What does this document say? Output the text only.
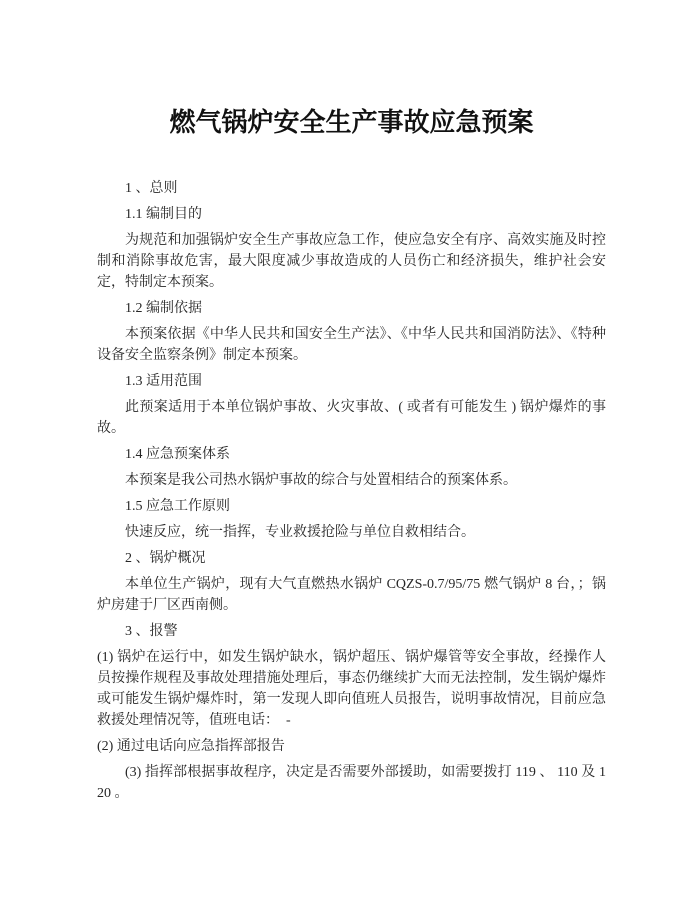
燃气锅炉安全生产事故应急预案

1 、总则

1.1 编制目的

为规范和加强锅炉安全生产事故应急工作，使应急安全有序、高效实施及时控制和消除事故危害，最大限度减少事故造成的人员伤亡和经济损失，维护社会安定，特制定本预案。

1.2 编制依据

本预案依据《中华人民共和国安全生产法》、《中华人民共和国消防法》、《特种设备安全监察条例》制定本预案。

1.3 适用范围

此预案适用于本单位锅炉事故、火灾事故、( 或者有可能发生 ) 锅炉爆炸的事故。

1.4 应急预案体系

本预案是我公司热水锅炉事故的综合与处置相结合的预案体系。

1.5 应急工作原则

快速反应，统一指挥，专业救援抢险与单位自救相结合。

2 、锅炉概况

本单位生产锅炉，现有大气直燃热水锅炉 CQZS-0.7/95/75 燃气锅炉 8 台，；锅炉房建于厂区西南侧。

3 、报警

(1) 锅炉在运行中，如发生锅炉缺水，锅炉超压、锅炉爆管等安全事故，经操作人员按操作规程及事故处理措施处理后，事态仍继续扩大而无法控制，发生锅炉爆炸或可能发生锅炉爆炸时，第一发现人即向值班人员报告，说明事故情况，目前应急救援处理情况等，值班电话：　-

(2) 通过电话向应急指挥部报告

(3) 指挥部根据事故程序，决定是否需要外部援助，如需要拨打 119 、 110 及 120 。
